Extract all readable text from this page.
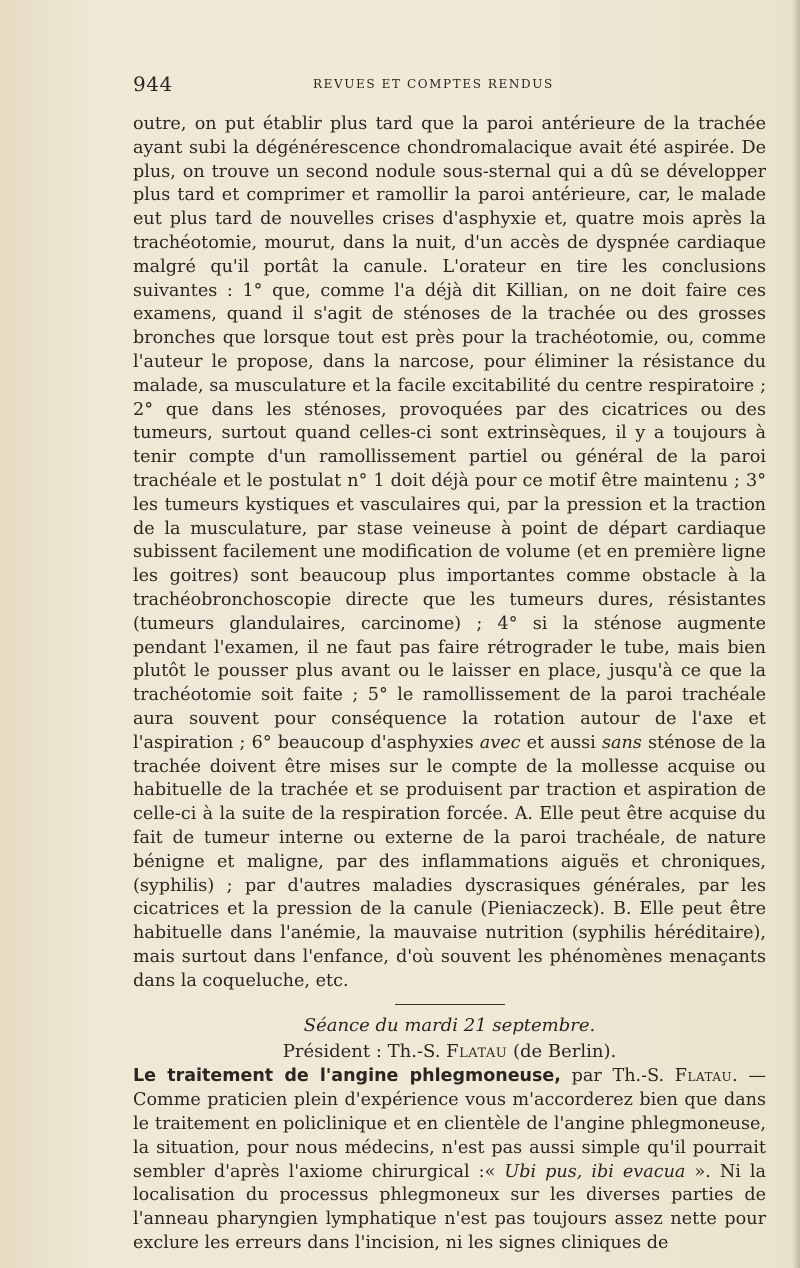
944	REVUES ET COMPTES RENDUS

outre, on put établir plus tard que la paroi antérieure de la trachée ayant subi la dégénérescence chondromalacique avait été aspirée. De plus, on trouve un second nodule sous-sternal qui a dû se développer plus tard et comprimer et ramollir la paroi antérieure, car, le malade eut plus tard de nouvelles crises d'asphyxie et, quatre mois après la trachéotomie, mourut, dans la nuit, d'un accès de dyspnée cardiaque malgré qu'il portât la canule. L'orateur en tire les conclusions suivantes : 1° que, comme l'a déjà dit Killian, on ne doit faire ces examens, quand il s'agit de sténoses de la trachée ou des grosses bronches que lorsque tout est près pour la trachéotomie, ou, comme l'auteur le propose, dans la narcose, pour éliminer la résistance du malade, sa musculature et la facile excitabilité du centre respiratoire ; 2° que dans les sténoses, provoquées par des cicatrices ou des tumeurs, surtout quand celles-ci sont extrinsèques, il y a toujours à tenir compte d'un ramollissement partiel ou général de la paroi trachéale et le postulat n° 1 doit déjà pour ce motif être maintenu ; 3° les tumeurs kystiques et vasculaires qui, par la pression et la traction de la musculature, par stase veineuse à point de départ cardiaque subissent facilement une modification de volume (et en première ligne les goitres) sont beaucoup plus importantes comme obstacle à la trachéobronchoscopie directe que les tumeurs dures, résistantes (tumeurs glandulaires, carcinome) ; 4° si la sténose augmente pendant l'examen, il ne faut pas faire rétrograder le tube, mais bien plutôt le pousser plus avant ou le laisser en place, jusqu'à ce que la trachéotomie soit faite ; 5° le ramollissement de la paroi trachéale aura souvent pour conséquence la rotation autour de l'axe et l'aspiration ; 6° beaucoup d'asphyxies avec et aussi sans sténose de la trachée doivent être mises sur le compte de la mollesse acquise ou habituelle de la trachée et se produisent par traction et aspiration de celle-ci à la suite de la respiration forcée. A. Elle peut être acquise du fait de tumeur interne ou externe de la paroi trachéale, de nature bénigne et maligne, par des inflammations aiguës et chroniques, (syphilis) ; par d'autres maladies dyscrasiques générales, par les cicatrices et la pression de la canule (Pieniaczeck). B. Elle peut être habituelle dans l'anémie, la mauvaise nutrition (syphilis héréditaire), mais surtout dans l'enfance, d'où souvent les phénomènes menaçants dans la coqueluche, etc.

Séance du mardi 21 septembre.

Président : Th.-S. Flatau (de Berlin).

Le traitement de l'angine phlegmoneuse, par Th.-S. Flatau. — Comme praticien plein d'expérience vous m'accorderez bien que dans le traitement en policlinique et en clientèle de l'angine phlegmoneuse, la situation, pour nous médecins, n'est pas aussi simple qu'il pourrait sembler d'après l'axiome chirurgical :« Ubi pus, ibi evacua ». Ni la localisation du processus phlegmoneux sur les diverses parties de l'anneau pharyngien lymphatique n'est pas toujours assez nette pour exclure les erreurs dans l'incision, ni les signes cliniques de
